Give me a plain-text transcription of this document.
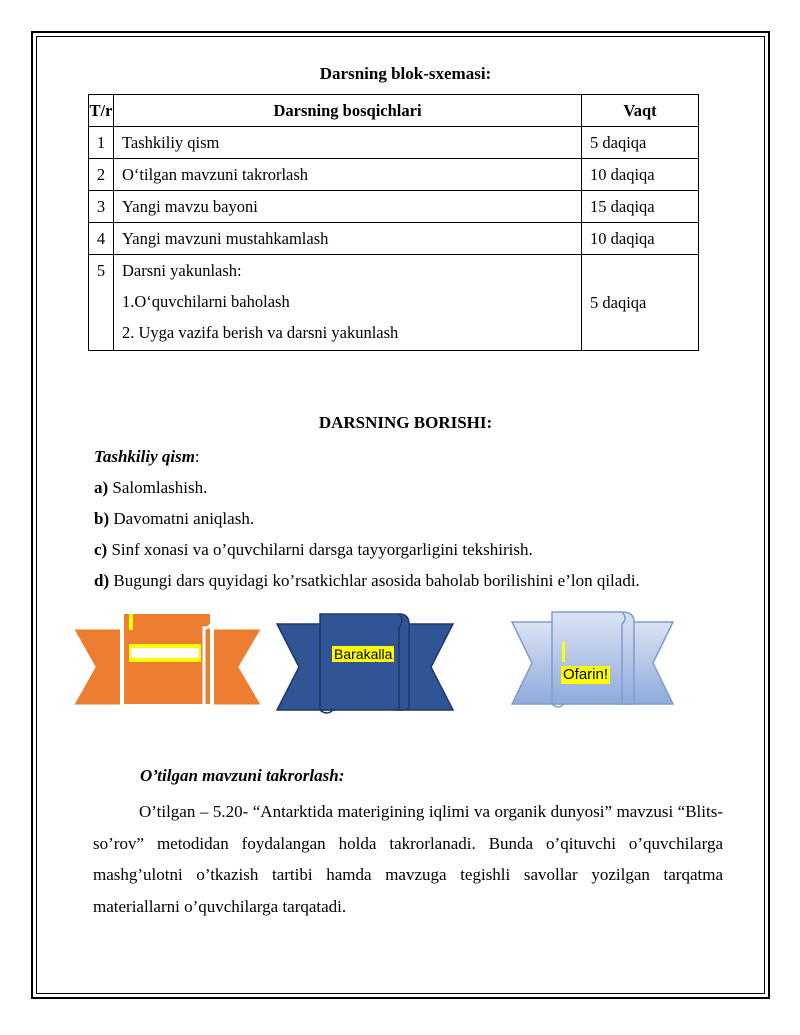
Darsning blok-sxemasi:
T/r	Darsning bosqichlari	Vaqt
1	Tashkiliy qism	5 daqiqa
2	O‘tilgan mavzuni takrorlash	10 daqiqa
3	Yangi mavzu bayoni	15 daqiqa
4	Yangi mavzuni mustahkamlash	10 daqiqa

5	Darsni yakunlash:
1.O‘quvchilarni baholash
2. Uyga vazifa berish va darsni yakunlash	5 daqiqa
DARSNING BORISHI:
Tashkiliy qism:
a) Salomlashish.
b) Davomatni aniqlash.
c) Sinf xonasi va o’quvchilarni darsga tayyorgarligini tekshirish.
d) Bugungi dars quyidagi ko’rsatkichlar asosida baholab borilishini e’lon qiladi.
Barakalla
Ofarin!
O’tilgan mavzuni takrorlash:
O’tilgan – 5.20- “Antarktida materigining iqlimi va organik dunyosi” mavzusi “Blits-so’rov” metodidan foydalangan holda takrorlanadi. Bunda o’qituvchi o’quvchilarga mashg’ulotni o’tkazish tartibi hamda mavzuga tegishli savollar yozilgan tarqatma materiallarni o’quvchilarga tarqatadi.
